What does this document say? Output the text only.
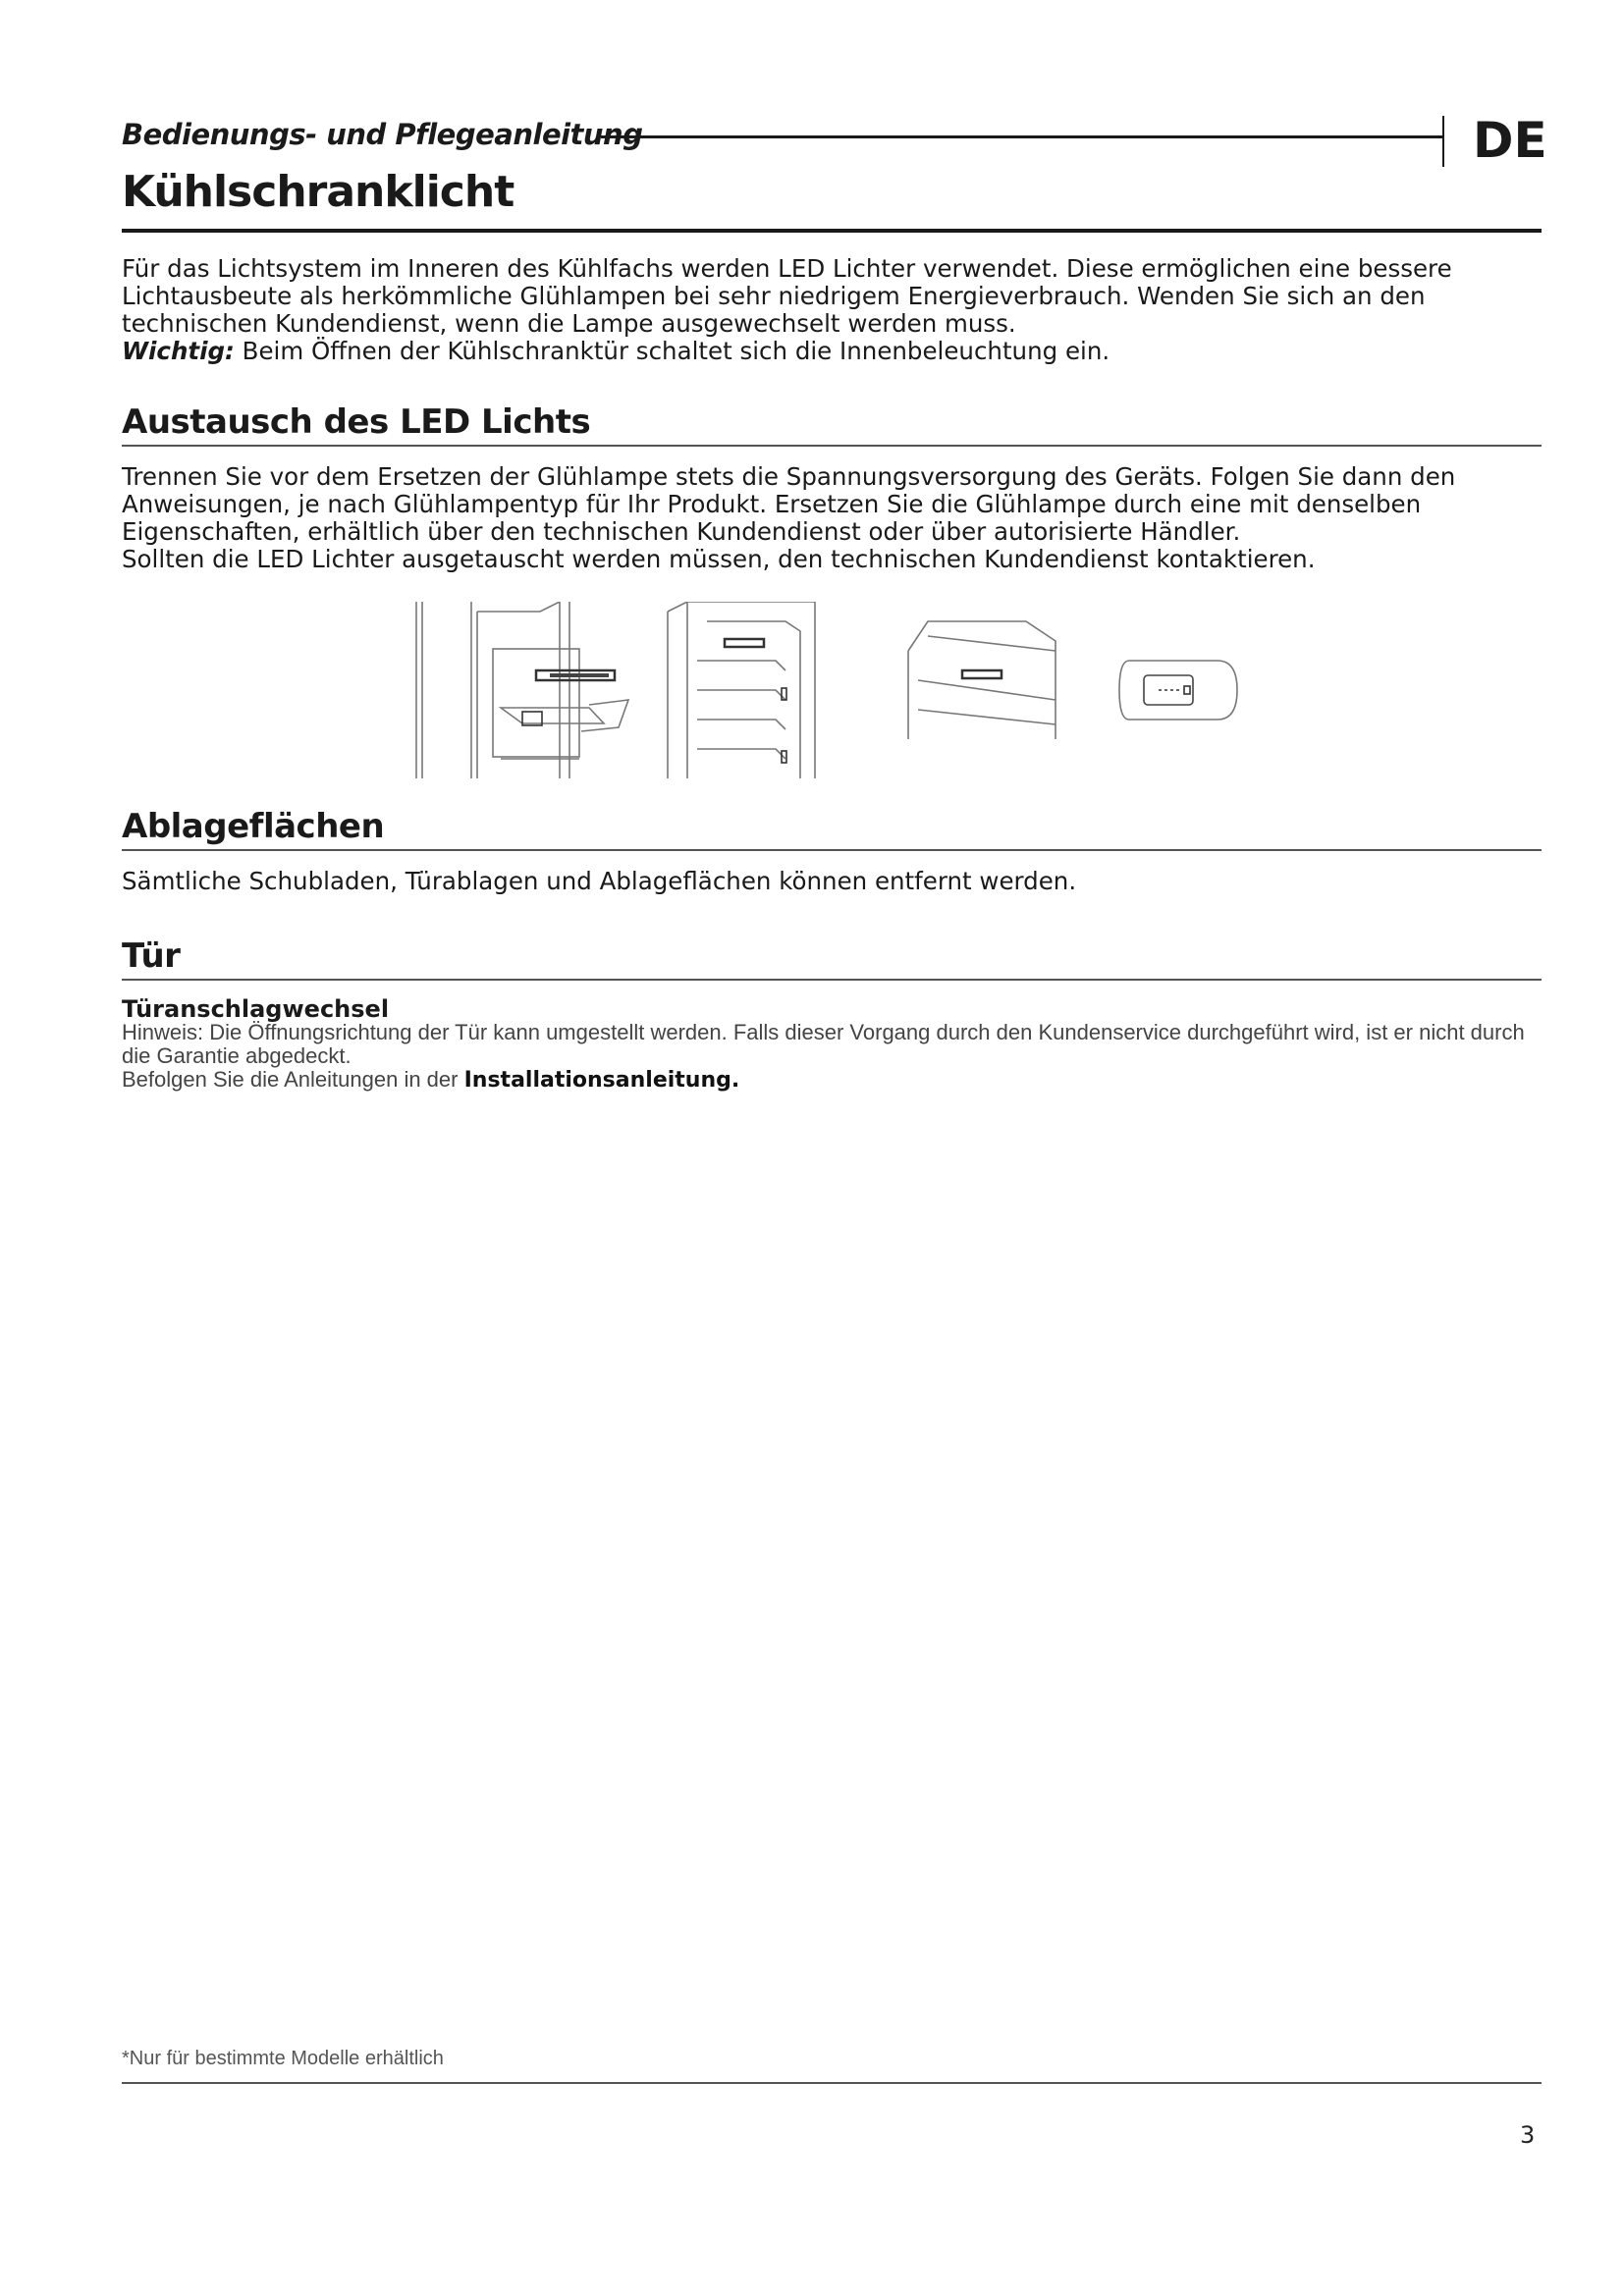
Bedienungs- und Pflegeanleitung	DE
Kühlschranklicht

Für das Lichtsystem im Inneren des Kühlfachs werden LED Lichter verwendet. Diese ermöglichen eine bessere Lichtausbeute als herkömmliche Glühlampen bei sehr niedrigem Energieverbrauch. Wenden Sie sich an den technischen Kundendienst, wenn die Lampe ausgewechselt werden muss.

Wichtig: Beim Öffnen der Kühlschranktür schaltet sich die Innenbeleuchtung ein.

Austausch des LED Lichts

Trennen Sie vor dem Ersetzen der Glühlampe stets die Spannungsversorgung des Geräts. Folgen Sie dann den Anweisungen, je nach Glühlampentyp für Ihr Produkt. Ersetzen Sie die Glühlampe durch eine mit denselben Eigenschaften, erhältlich über den technischen Kundendienst oder über autorisierte Händler.

Sollten die LED Lichter ausgetauscht werden müssen, den technischen Kundendienst kontaktieren.

Ablageflächen

Sämtliche Schubladen, Türablagen und Ablageflächen können entfernt werden.

Tür
Türanschlagwechsel

Hinweis: Die Öffnungsrichtung der Tür kann umgestellt werden. Falls dieser Vorgang durch den Kundenservice durchgeführt wird, ist er nicht durch die Garantie abgedeckt.

Befolgen Sie die Anleitungen in der Installationsanleitung.

*Nur für bestimmte Modelle erhältlich
3
